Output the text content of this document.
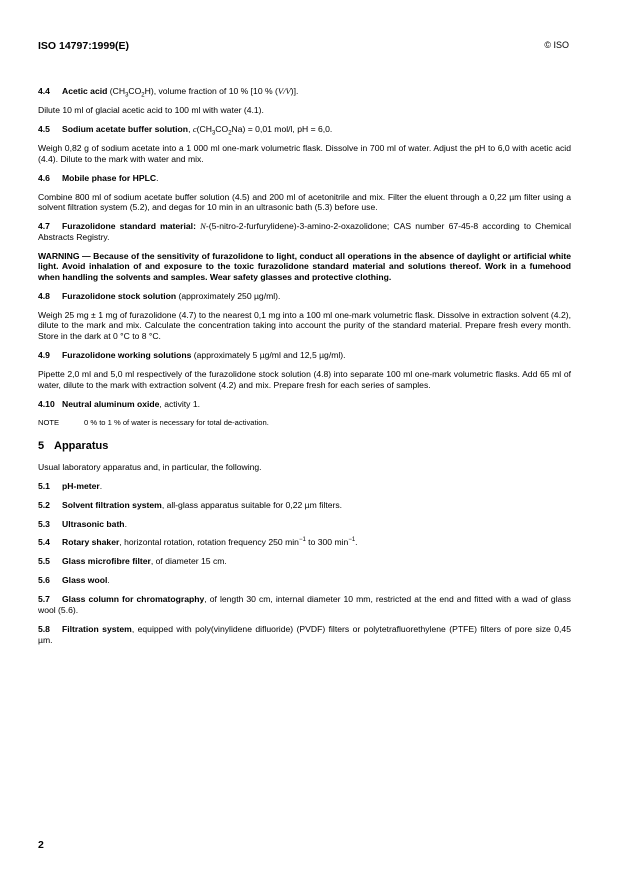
ISO 14797:1999(E)	© ISO

4.4 Acetic acid $(CH_3CO_2H)$, volume fraction of 10 % [10 % (V/V)].

Dilute 10 ml of glacial acetic acid to 100 ml with water (4.1).

4.5 Sodium acetate buffer solution, $c(CH_3CO_2Na) = 0,01$ mol/l, pH = 6,0.

Weigh 0,82 g of sodium acetate into a 1 000 ml one-mark volumetric flask. Dissolve in 700 ml of water. Adjust the pH to 6,0 with acetic acid (4.4). Dilute to the mark with water and mix.

4.6 Mobile phase for HPLC.

Combine 800 ml of sodium acetate buffer solution (4.5) and 200 ml of acetonitrile and mix. Filter the eluent through a 0,22 µm filter using a solvent filtration system (5.2), and degas for 10 min in an ultrasonic bath (5.3) before use.

4.7 Furazolidone standard material: N-(5-nitro-2-furfurylidene)-3-amino-2-oxazolidone; CAS number 67-45-8 according to Chemical Abstracts Registry.

WARNING — Because of the sensitivity of furazolidone to light, conduct all operations in the absence of daylight or artificial white light. Avoid inhalation of and exposure to the toxic furazolidone standard material and solutions thereof. Work in a fumehood when handling the solvents and samples. Wear safety glasses and protective clothing.

4.8 Furazolidone stock solution (approximately 250 µg/ml).

Weigh 25 mg ± 1 mg of furazolidone (4.7) to the nearest 0,1 mg into a 100 ml one-mark volumetric flask. Dissolve in extraction solvent (4.2), dilute to the mark and mix. Calculate the concentration taking into account the purity of the standard material. Prepare fresh every month. Store in the dark at 0 °C to 8 °C.

4.9 Furazolidone working solutions (approximately 5 µg/ml and 12,5 µg/ml).

Pipette 2,0 ml and 5,0 ml respectively of the furazolidone stock solution (4.8) into separate 100 ml one-mark volumetric flasks. Add 65 ml of water, dilute to the mark with extraction solvent (4.2) and mix. Prepare fresh for each series of samples.

4.10 Neutral aluminum oxide, activity 1.

NOTE	0 % to 1 % of water is necessary for total de-activation.

5 Apparatus

Usual laboratory apparatus and, in particular, the following.

5.1 pH-meter.

5.2 Solvent filtration system, all-glass apparatus suitable for 0,22 µm filters.

5.3 Ultrasonic bath.

5.4 Rotary shaker, horizontal rotation, rotation frequency 250 $\min^{-1}$ to 300 $\min^{-1}$.

5.5 Glass microfibre filter, of diameter 15 cm.

5.6 Glass wool.

5.7 Glass column for chromatography, of length 30 cm, internal diameter 10 mm, restricted at the end and fitted with a wad of glass wool (5.6).

5.8 Filtration system, equipped with poly(vinylidene difluoride) (PVDF) filters or polytetrafluorethylene (PTFE) filters of pore size 0,45 µm.

2
